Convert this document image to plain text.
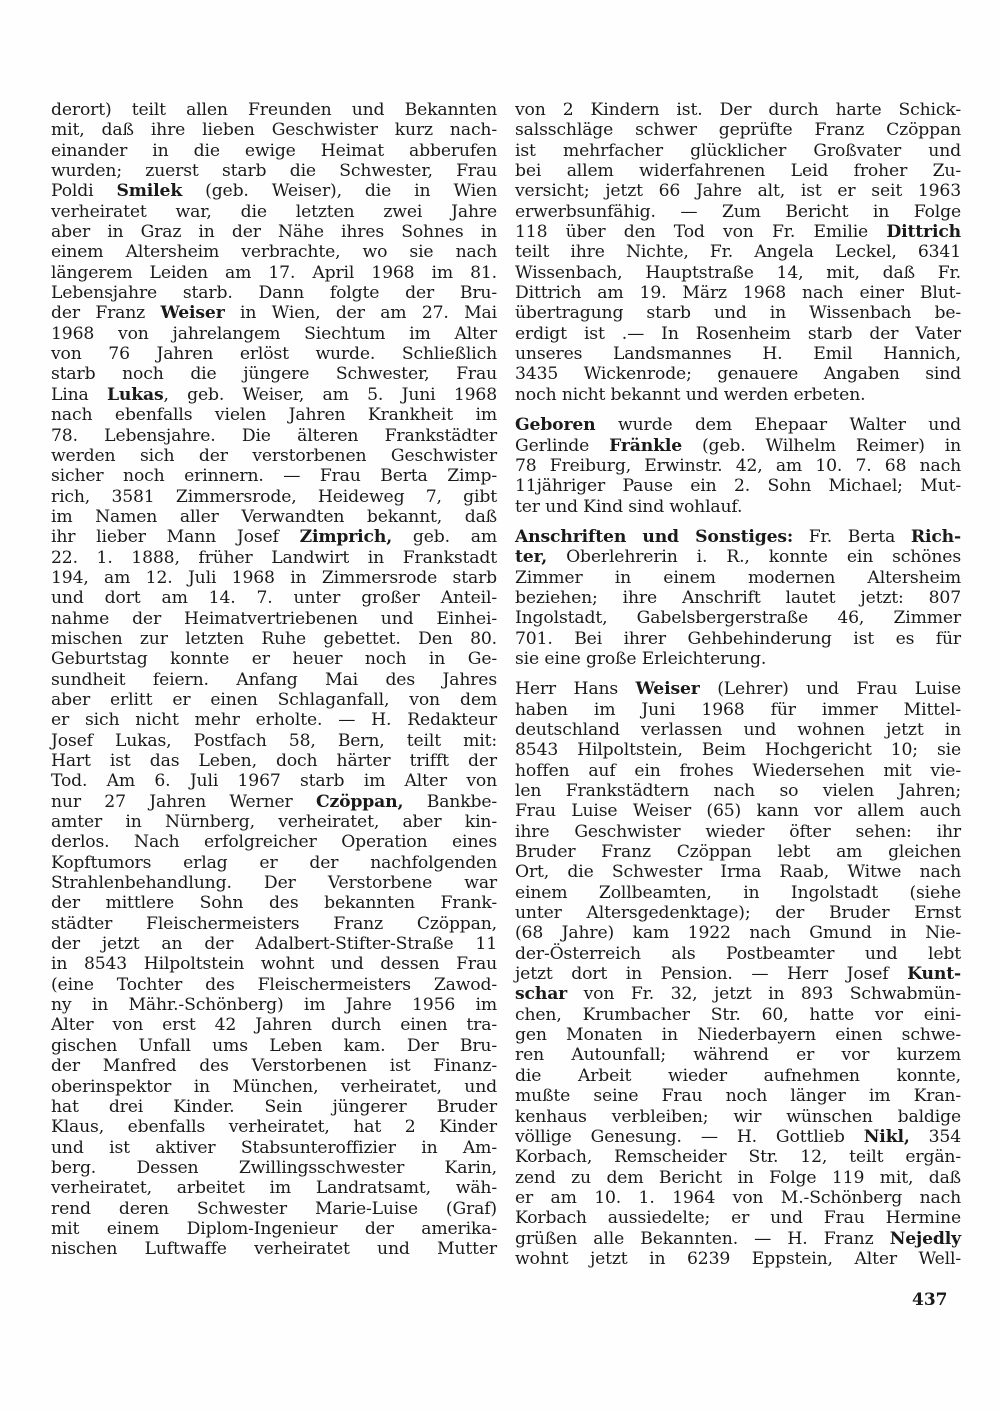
derort) teilt allen Freunden und Bekannten
mit, daß ihre lieben Geschwister kurz nach-
einander in die ewige Heimat abberufen
wurden; zuerst starb die Schwester, Frau
Poldi Smilek (geb. Weiser), die in Wien
verheiratet war, die letzten zwei Jahre
aber in Graz in der Nähe ihres Sohnes in
einem Altersheim verbrachte, wo sie nach
längerem Leiden am 17. April 1968 im 81.
Lebensjahre starb. Dann folgte der Bru-
der Franz Weiser in Wien, der am 27. Mai
1968 von jahrelangem Siechtum im Alter
von 76 Jahren erlöst wurde. Schließlich
starb noch die jüngere Schwester, Frau
Lina Lukas, geb. Weiser, am 5. Juni 1968
nach ebenfalls vielen Jahren Krankheit im
78. Lebensjahre. Die älteren Frankstädter
werden sich der verstorbenen Geschwister
sicher noch erinnern. — Frau Berta Zimp-
rich, 3581 Zimmersrode, Heideweg 7, gibt
im Namen aller Verwandten bekannt, daß
ihr lieber Mann Josef Zimprich, geb. am
22. 1. 1888, früher Landwirt in Frankstadt
194, am 12. Juli 1968 in Zimmersrode starb
und dort am 14. 7. unter großer Anteil-
nahme der Heimatvertriebenen und Einhei-
mischen zur letzten Ruhe gebettet. Den 80.
Geburtstag konnte er heuer noch in Ge-
sundheit feiern. Anfang Mai des Jahres
aber erlitt er einen Schlaganfall, von dem
er sich nicht mehr erholte. — H. Redakteur
Josef Lukas, Postfach 58, Bern, teilt mit:
Hart ist das Leben, doch härter trifft der
Tod. Am 6. Juli 1967 starb im Alter von
nur 27 Jahren Werner Czöppan, Bankbe-
amter in Nürnberg, verheiratet, aber kin-
derlos. Nach erfolgreicher Operation eines
Kopftumors erlag er der nachfolgenden
Strahlenbehandlung. Der Verstorbene war
der mittlere Sohn des bekannten Frank-
städter Fleischermeisters Franz Czöppan,
der jetzt an der Adalbert-Stifter-Straße 11
in 8543 Hilpoltstein wohnt und dessen Frau
(eine Tochter des Fleischermeisters Zawod-
ny in Mähr.-Schönberg) im Jahre 1956 im
Alter von erst 42 Jahren durch einen tra-
gischen Unfall ums Leben kam. Der Bru-
der Manfred des Verstorbenen ist Finanz-
oberinspektor in München, verheiratet, und
hat drei Kinder. Sein jüngerer Bruder
Klaus, ebenfalls verheiratet, hat 2 Kinder
und ist aktiver Stabsunteroffizier in Am-
berg. Dessen Zwillingsschwester Karin,
verheiratet, arbeitet im Landratsamt, wäh-
rend deren Schwester Marie-Luise (Graf)
mit einem Diplom-Ingenieur der amerika-
nischen Luftwaffe verheiratet und Mutter
von 2 Kindern ist. Der durch harte Schick-
salsschläge schwer geprüfte Franz Czöppan
ist mehrfacher glücklicher Großvater und
bei allem widerfahrenen Leid froher Zu-
versicht; jetzt 66 Jahre alt, ist er seit 1963
erwerbsunfähig. — Zum Bericht in Folge
118 über den Tod von Fr. Emilie Dittrich
teilt ihre Nichte, Fr. Angela Leckel, 6341
Wissenbach, Hauptstraße 14, mit, daß Fr.
Dittrich am 19. März 1968 nach einer Blut-
übertragung starb und in Wissenbach be-
erdigt ist .— In Rosenheim starb der Vater
unseres Landsmannes H. Emil Hannich,
3435 Wickenrode; genauere Angaben sind
noch nicht bekannt und werden erbeten.
Geboren wurde dem Ehepaar Walter und
Gerlinde Fränkle (geb. Wilhelm Reimer) in
78 Freiburg, Erwinstr. 42, am 10. 7. 68 nach
11jähriger Pause ein 2. Sohn Michael; Mut-
ter und Kind sind wohlauf.
Anschriften und Sonstiges: Fr. Berta Rich-
ter, Oberlehrerin i. R., konnte ein schönes
Zimmer in einem modernen Altersheim
beziehen; ihre Anschrift lautet jetzt: 807
Ingolstadt, Gabelsbergerstraße 46, Zimmer
701. Bei ihrer Gehbehinderung ist es für
sie eine große Erleichterung.
Herr Hans Weiser (Lehrer) und Frau Luise
haben im Juni 1968 für immer Mittel-
deutschland verlassen und wohnen jetzt in
8543 Hilpoltstein, Beim Hochgericht 10; sie
hoffen auf ein frohes Wiedersehen mit vie-
len Frankstädtern nach so vielen Jahren;
Frau Luise Weiser (65) kann vor allem auch
ihre Geschwister wieder öfter sehen: ihr
Bruder Franz Czöppan lebt am gleichen
Ort, die Schwester Irma Raab, Witwe nach
einem Zollbeamten, in Ingolstadt (siehe
unter Altersgedenktage); der Bruder Ernst
(68 Jahre) kam 1922 nach Gmund in Nie-
der-Österreich als Postbeamter und lebt
jetzt dort in Pension. — Herr Josef Kunt-
schar von Fr. 32, jetzt in 893 Schwabmün-
chen, Krumbacher Str. 60, hatte vor eini-
gen Monaten in Niederbayern einen schwe-
ren Autounfall; während er vor kurzem
die Arbeit wieder aufnehmen konnte,
mußte seine Frau noch länger im Kran-
kenhaus verbleiben; wir wünschen baldige
völlige Genesung. — H. Gottlieb Nikl, 354
Korbach, Remscheider Str. 12, teilt ergän-
zend zu dem Bericht in Folge 119 mit, daß
er am 10. 1. 1964 von M.-Schönberg nach
Korbach aussiedelte; er und Frau Hermine
grüßen alle Bekannten. — H. Franz Nejedly
wohnt jetzt in 6239 Eppstein, Alter Well-
437
